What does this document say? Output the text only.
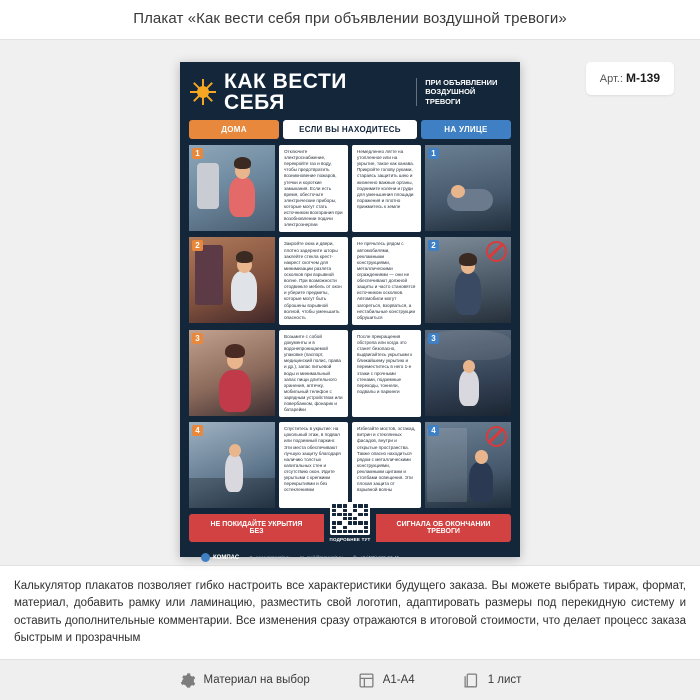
Плакат «Как вести себя при объявлении воздушной тревоги»
Арт.: М-139
КАК ВЕСТИ СЕБЯ
ПРИ ОБЪЯВЛЕНИИ
ВОЗДУШНОЙ ТРЕВОГИ
ДОМА	ЕСЛИ ВЫ НАХОДИТЕСЬ	НА УЛИЦЕ
1	Отключите электроснабжение, перекройте газ и воду, чтобы предотвратить возникновение пожаров, утечки и короткие замыкания. Если есть время, обесточьте электрические приборы, которые могут стать источником возгорания при возобновлении подачи электроэнергии
Немедленно лягте на утопленное или на укрытие, такое как канава. Прикройте голову руками, стараясь защитить шею и жизненно важные органы, поднимите колени и груди для уменьшения площади поражения и плотно прижмитесь к земле
1
2	Закройте окна и двери, плотно задерните шторы заклейте стекла крест-накрест скотчем для минимизации разлета осколков при взрывной волне. При возможности отодвиньте мебель от окон и уберите предметы, которые могут быть сброшены взрывной волной, чтобы уменьшить опасность
Не прячьтесь рядом с автомобилями, рекламными конструкциями, металлическими ограждениями — они не обеспечивают должной защиты и часто становятся источником осколков. Автомобили могут загореться, взорваться, а нестабильные конструкции обрушиться
2
3	Возьмите с собой документы и в водонепроницаемой упаковке (паспорт, медицинский полис, права и др.), запас питьевой воды и минимальный запас пищи длительного хранения, аптечку, мобильный телефон с зарядным устройством или повербанком, фонарик и батарейки
После прекращения обстрела или когда это станет безопасно, выдвигайтесь укрытыми к ближайшему укрытию и переместитесь в него 1-е этажи с прочными стенами, подземные переходы, тоннели, подвалы и паркинги
3
4	Спуститесь в укрытие: на цокольный этаж, в подвал или подземный паркинг. Эти места обеспечивают лучшую защиту благодаря наличию толстых капитальных стен и отсутствию окон. Идите укрытыми с крепкими перекрытиями и без остеклениями
Избегайте мостов, эстакад, витрин и стеклянных фасадов, внутри и открытые пространства. Также опасно находиться рядом с металлическими конструкциями, рекламными щитами и столбами освещения. Эти плохая защита от взрывной волны
4
НЕ ПОКИДАЙТЕ УКРЫТИЯ БЕЗ
ПОДРОБНЕЕ ТУТ
СИГНАЛА ОБ ОКОНЧАНИИ ТРЕВОГИ
КОМПАС ⊕ www.mmagnit.ru ✉ mail@mmagnit.ru ✆ +7 (495) 215-53-45
Калькулятор плакатов позволяет гибко настроить все характеристики будущего заказа. Вы можете выбрать тираж, формат, материал, добавить рамку или ламинацию, разместить свой логотип, адаптировать размеры под перекидную систему и оставить дополнительные комментарии. Все изменения сразу отражаются в итоговой стоимости, что делает процесс заказа быстрым и прозрачным
Материал на выбор	А1-А4	1 лист
